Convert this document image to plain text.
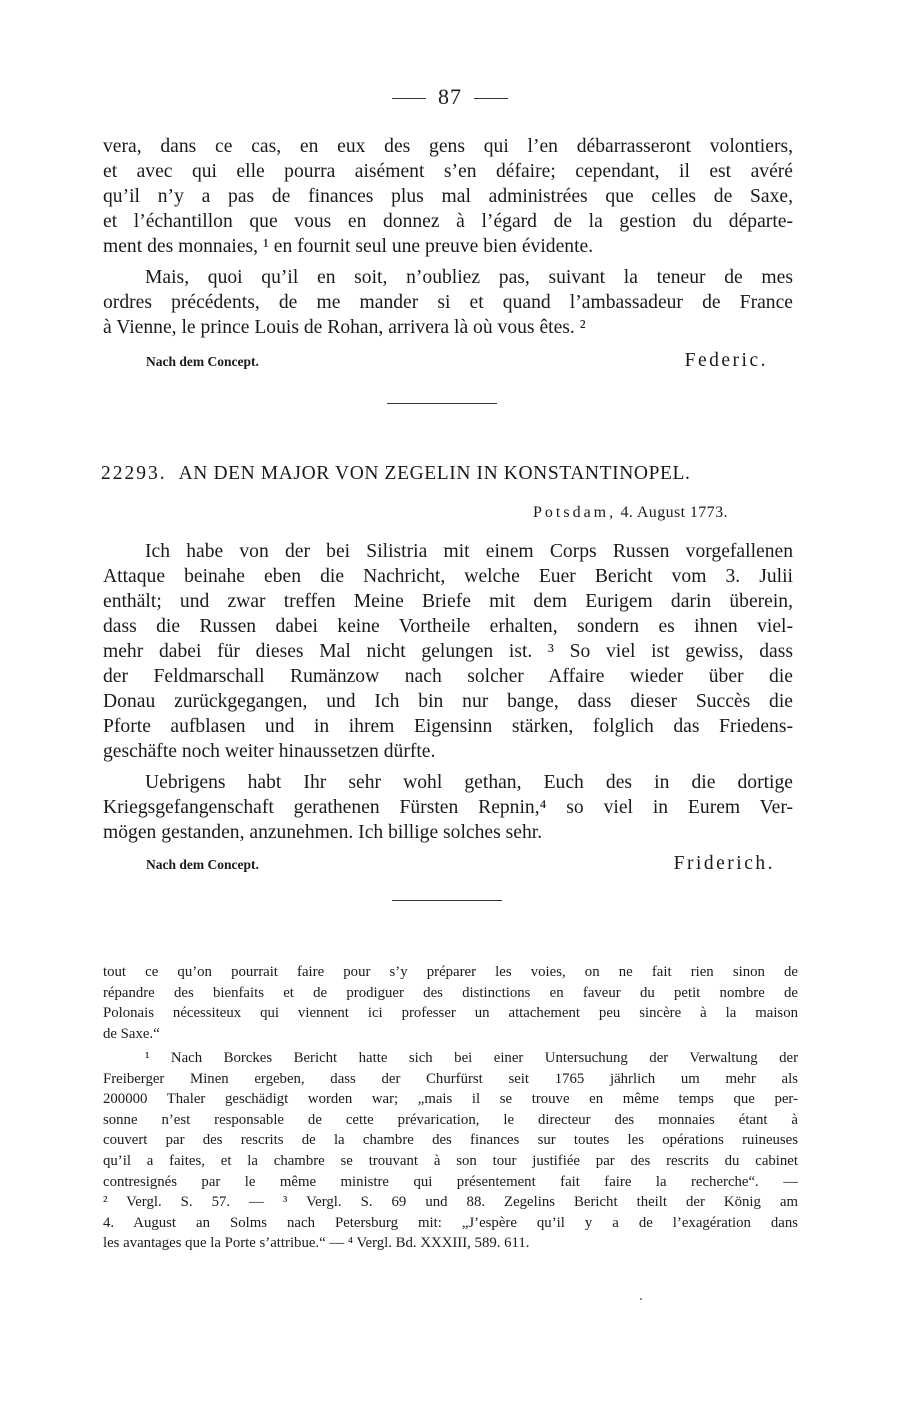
87
vera, dans ce cas, en eux des gens qui l’en débarrasseront volontiers,
et avec qui elle pourra aisément s’en défaire; cependant, il est avéré
qu’il n’y a pas de finances plus mal administrées que celles de Saxe,
et l’échantillon que vous en donnez à l’égard de la gestion du départe-
ment des monnaies, ¹ en fournit seul une preuve bien évidente.
Mais, quoi qu’il en soit, n’oubliez pas, suivant la teneur de mes
ordres précédents, de me mander si et quand l’ambassadeur de France
à Vienne, le prince Louis de Rohan, arrivera là où vous êtes. ²
Nach dem Concept.	Federic.
22293. AN DEN MAJOR VON ZEGELIN IN KONSTANTINOPEL.
Potsdam, 4. August 1773.
Ich habe von der bei Silistria mit einem Corps Russen vorgefallenen
Attaque beinahe eben die Nachricht, welche Euer Bericht vom 3. Julii
enthält; und zwar treffen Meine Briefe mit dem Eurigem darin überein,
dass die Russen dabei keine Vortheile erhalten, sondern es ihnen viel-
mehr dabei für dieses Mal nicht gelungen ist. ³ So viel ist gewiss, dass
der Feldmarschall Rumänzow nach solcher Affaire wieder über die
Donau zurückgegangen, und Ich bin nur bange, dass dieser Succès die
Pforte aufblasen und in ihrem Eigensinn stärken, folglich das Friedens-
geschäfte noch weiter hinaussetzen dürfte.
Uebrigens habt Ihr sehr wohl gethan, Euch des in die dortige
Kriegsgefangenschaft gerathenen Fürsten Repnin,⁴ so viel in Eurem Ver-
mögen gestanden, anzunehmen. Ich billige solches sehr.
Nach dem Concept.	Friderich.
tout ce qu’on pourrait faire pour s’y préparer les voies, on ne fait rien sinon de
répandre des bienfaits et de prodiguer des distinctions en faveur du petit nombre de
Polonais nécessiteux qui viennent ici professer un attachement peu sincère à la maison
de Saxe.“
¹ Nach Borckes Bericht hatte sich bei einer Untersuchung der Verwaltung der
Freiberger Minen ergeben, dass der Churfürst seit 1765 jährlich um mehr als
200000 Thaler geschädigt worden war; „mais il se trouve en même temps que per-
sonne n’est responsable de cette prévarication, le directeur des monnaies étant à
couvert par des rescrits de la chambre des finances sur toutes les opérations ruineuses
qu’il a faites, et la chambre se trouvant à son tour justifiée par des rescrits du cabinet
contresignés par le même ministre qui présentement fait faire la recherche“. —
² Vergl. S. 57. — ³ Vergl. S. 69 und 88. Zegelins Bericht theilt der König am
4. August an Solms nach Petersburg mit: „J’espère qu’il y a de l’exagération dans
les avantages que la Porte s’attribue.“ — ⁴ Vergl. Bd. XXXIII, 589. 611.
